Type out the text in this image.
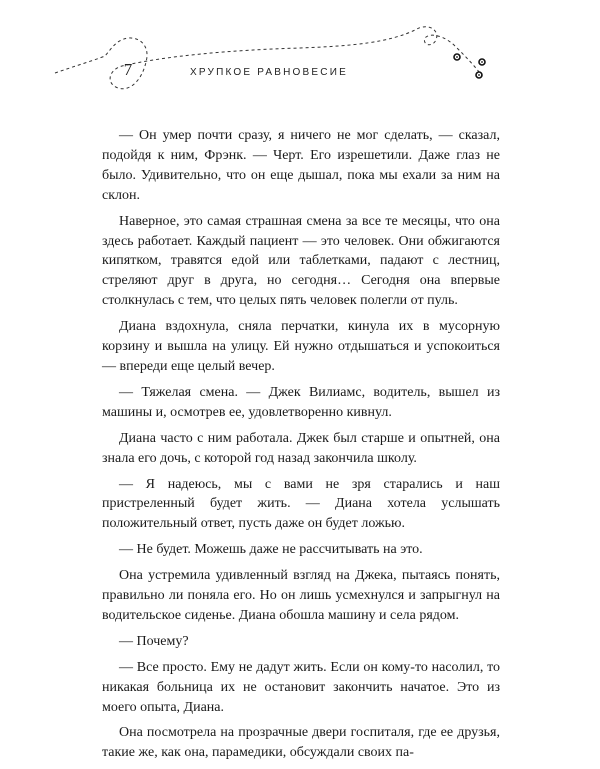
7	ХРУПКОЕ РАВНОВЕСИЕ

— Он умер почти сразу, я ничего не мог сделать, — сказал, подойдя к ним, Фрэнк. — Черт. Его изрешетили. Даже глаз не было. Удивительно, что он еще дышал, пока мы ехали за ним на склон.

Наверное, это самая страшная смена за все те месяцы, что она здесь работает. Каждый пациент — это человек. Они обжигаются кипятком, травятся едой или таблетками, падают с лестниц, стреляют друг в друга, но сегодня… Сегодня она впервые столкнулась с тем, что целых пять человек полегли от пуль.

Диана вздохнула, сняла перчатки, кинула их в мусорную корзину и вышла на улицу. Ей нужно отдышаться и успокоиться — впереди еще целый вечер.

— Тяжелая смена. — Джек Вилиамс, водитель, вышел из машины и, осмотрев ее, удовлетворенно кивнул.

Диана часто с ним работала. Джек был старше и опытней, она знала его дочь, с которой год назад закончила школу.

— Я надеюсь, мы с вами не зря старались и наш пристреленный будет жить. — Диана хотела услышать положительный ответ, пусть даже он будет ложью.

— Не будет. Можешь даже не рассчитывать на это.

Она устремила удивленный взгляд на Джека, пытаясь понять, правильно ли поняла его. Но он лишь усмехнулся и запрыгнул на водительское сиденье. Диана обошла машину и села рядом.

— Почему?

— Все просто. Ему не дадут жить. Если он кому-то насолил, то никакая больница их не остановит закончить начатое. Это из моего опыта, Диана.

Она посмотрела на прозрачные двери госпиталя, где ее друзья, такие же, как она, парамедики, обсуждали своих па-
